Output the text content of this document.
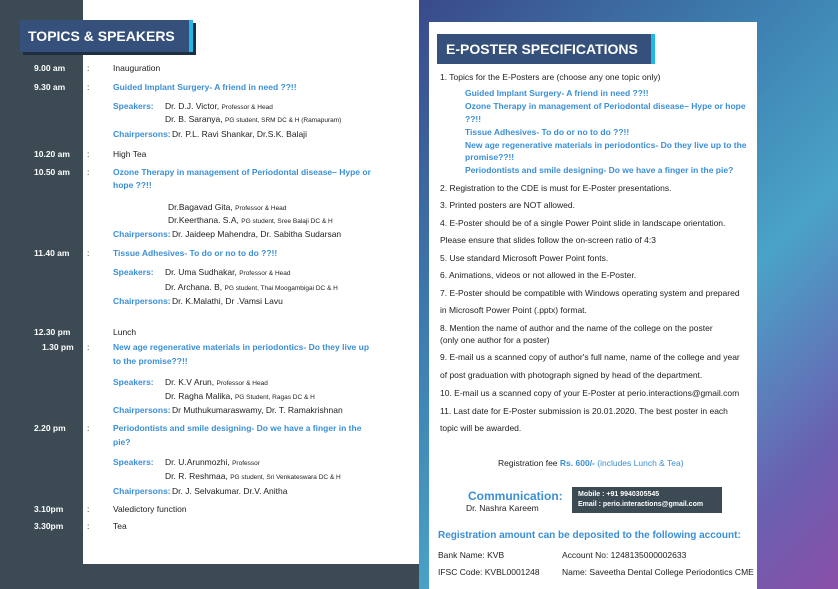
TOPICS & SPEAKERS
9.00 am
9.30 am
10.20 am
10.50 am
11.40 am
12.30 pm
1.30 pm
2.20 pm
3.10pm
3.30pm
:
:
:
:
:
:
:
:
:
Inauguration
Guided Implant Surgery- A friend in need ??!!
Speakers: Dr. D.J. Victor, Professor & Head
Dr. B. Saranya, PG student, SRM DC & H (Ramapuram)
Chairpersons: Dr. P.L. Ravi Shankar, Dr.S.K. Balaji
High Tea
Ozone Therapy in management of Periodontal disease– Hype or
hope ??!!
Dr.Bagavad Gita, Professor & Head
Dr.Keerthana. S.A, PG student, Sree Balaji DC & H
Chairpersons: Dr. Jaideep Mahendra, Dr. Sabitha Sudarsan
Tissue Adhesives- To do or no to do ??!!
Speakers: Dr. Uma Sudhakar, Professor & Head
Dr. Archana. B, PG student, Thai Moogambigai DC & H
Chairpersons: Dr. K.Malathi, Dr .Vamsi Lavu
Lunch
New age regenerative materials in periodontics- Do they live up
to the promise??!!
Speakers: Dr. K.V Arun, Professor & Head
Dr. Ragha Malika, PG Student, Ragas DC & H
Chairpersons: Dr Muthukumaraswamy, Dr. T. Ramakrishnan
Periodontists and smile designing- Do we have a finger in the
pie?
Speakers: Dr. U.Arunmozhi, Professor
Dr. R. Reshmaa, PG student, Sri Venkateswara DC & H
Chairpersons: Dr. J. Selvakumar. Dr.V. Anitha
Valedictory function
Tea
E-POSTER SPECIFICATIONS
1. Topics for the E-Posters are (choose any one topic only)
Guided Implant Surgery- A friend in need ??!!
Ozone Therapy in management of Periodontal disease– Hype or hope
??!!
Tissue Adhesives- To do or no to do ??!!
New age regenerative materials in periodontics- Do they live up to the
promise??!!
Periodontists and smile designing- Do we have a finger in the pie?
2. Registration to the CDE is must for E-Poster presentations.
3. Printed posters are NOT allowed.
4. E-Poster should be of a single Power Point slide in landscape orientation.
Please ensure that slides follow the on-screen ratio of 4:3
5. Use standard Microsoft Power Point fonts.
6. Animations, videos or not allowed in the E-Poster.
7. E-Poster should be compatible with Windows operating system and prepared
in Microsoft Power Point (.pptx) format.
8. Mention the name of author and the name of the college on the poster
(only one author for a poster)
9. E-mail us a scanned copy of author's full name, name of the college and year
of post graduation with photograph signed by head of the department.
10. E-mail us a scanned copy of your E-Poster at perio.interactions@gmail.com
11. Last date for E-Poster submission is 20.01.2020. The best poster in each
topic will be awarded.
Registration fee Rs. 600/- (includes Lunch & Tea)
Communication:
Dr. Nashra Kareem
Mobile : +91 9940305545
Email : perio.interactions@gmail.com
Registration amount can be deposited to the following account:
Bank Name: KVB	Account No: 1248135000002633
IFSC Code: KVBL0001248	Name: Saveetha Dental College Periodontics CME
